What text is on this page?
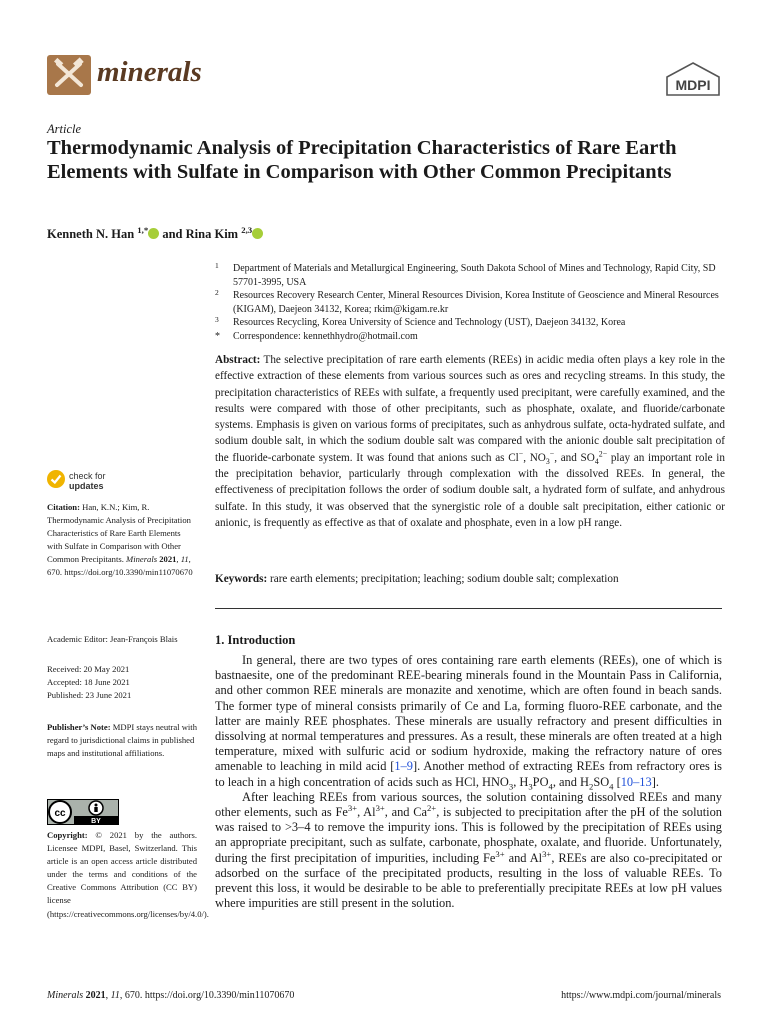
minerals	MDPI
Article
Thermodynamic Analysis of Precipitation Characteristics of Rare Earth Elements with Sulfate in Comparison with Other Common Precipitants
Kenneth N. Han $^{1,*}$ and Rina Kim $^{2,3}$
1 Department of Materials and Metallurgical Engineering, South Dakota School of Mines and Technology, Rapid City, SD 57701-3995, USA
2 Resources Recovery Research Center, Mineral Resources Division, Korea Institute of Geoscience and Mineral Resources (KIGAM), Daejeon 34132, Korea; rkim@kigam.re.kr
3 Resources Recycling, Korea University of Science and Technology (UST), Daejeon 34132, Korea
* Correspondence: kennethhydro@hotmail.com
Abstract: The selective precipitation of rare earth elements (REEs) in acidic media often plays a key role in the effective extraction of these elements from various sources such as ores and recycling streams. In this study, the precipitation characteristics of REEs with sulfate, a frequently used precipitant, were carefully examined, and the results were compared with those of other precipitants, such as phosphate, oxalate, and fluoride/carbonate systems. Emphasis is given on various forms of precipitates, such as anhydrous sulfate, octa-hydrated sulfate, and sodium double salt, in which the sodium double salt was compared with the anionic double salt precipitation of the fluoride-carbonate system. It was found that anions such as Cl−, $NO_3^-$, and $SO_4^{2-}$ play an important role in the precipitation behavior, particularly through complexation with the dissolved REEs. In general, the effectiveness of precipitation follows the order of sodium double salt, a hydrated form of sulfate, and anhydrous sulfate. In this study, it was observed that the synergistic role of a double salt precipitation, either cationic or anionic, is frequently as effective as that of oxalate and phosphate, even in a low pH range.
Keywords: rare earth elements; precipitation; leaching; sodium double salt; complexation
check for
updates
Citation: Han, K.N.; Kim, R. Thermodynamic Analysis of Precipitation Characteristics of Rare Earth Elements with Sulfate in Comparison with Other Common Precipitants. Minerals 2021, 11, 670. https://doi.org/10.3390/min11070670
Academic Editor: Jean-François Blais
Received: 20 May 2021
Accepted: 18 June 2021
Published: 23 June 2021
Publisher’s Note: MDPI stays neutral with regard to jurisdictional claims in published maps and institutional affiliations.
cc
BY
Copyright: © 2021 by the authors. Licensee MDPI, Basel, Switzerland. This article is an open access article distributed under the terms and conditions of the Creative Commons Attribution (CC BY) license (https://creativecommons.org/licenses/by/4.0/).
1. Introduction

In general, there are two types of ores containing rare earth elements (REEs), one of which is bastnaesite, one of the predominant REE-bearing minerals found in the Mountain Pass in California, and other common REE minerals are monazite and xenotime, which are often found in beach sands. The former type of mineral consists primarily of Ce and La, forming fluoro-REE carbonate, and the latter are mainly REE phosphates. These minerals are usually refractory and present difficulties in dissolving at normal temperatures and pressures. As a result, these minerals are often treated at a high temperature, mixed with sulfuric acid or sodium hydroxide, making the refractory nature of ores amenable to leaching in mild acid [1–9]. Another method of extracting REEs from refractory ores is to leach in a high concentration of acids such as HCl, $HNO_3$, $H_3PO_4$, and $H_2SO_4$ [10–13].

After leaching REEs from various sources, the solution containing dissolved REEs and many other elements, such as $Fe^{3+}$, $Al^{3+}$, and $Ca^{2+}$, is subjected to precipitation after the pH of the solution was raised to >3–4 to remove the impurity ions. This is followed by the precipitation of REEs using an appropriate precipitant, such as sulfate, carbonate, phosphate, oxalate, and fluoride. Unfortunately, during the first precipitation of impurities, including $Fe^{3+}$ and $Al^{3+}$, REEs are also co-precipitated or adsorbed on the surface of the precipitated products, resulting in the loss of valuable REEs. To prevent this loss, it would be desirable to be able to preferentially precipitate REEs at low pH values where impurities are still present in the solution.

Minerals 2021, 11, 670. https://doi.org/10.3390/min11070670	https://www.mdpi.com/journal/minerals
